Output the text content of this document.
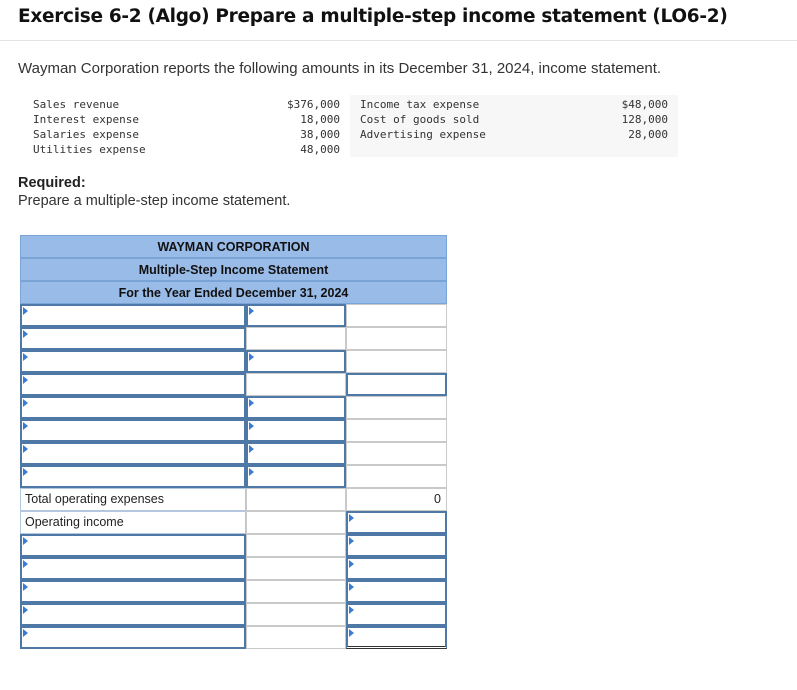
Exercise 6-2 (Algo) Prepare a multiple-step income statement (LO6-2)
Wayman Corporation reports the following amounts in its December 31, 2024, income statement.
Sales revenue
Interest expense
Salaries expense
Utilities expense
$376,000
18,000
38,000
48,000
Income tax expense
Cost of goods sold
Advertising expense
$48,000
128,000
28,000
Required:
Prepare a multiple-step income statement.
WAYMAN CORPORATION
Multiple-Step Income Statement
For the Year Ended December 31, 2024
Total operating expenses	0
Operating income
